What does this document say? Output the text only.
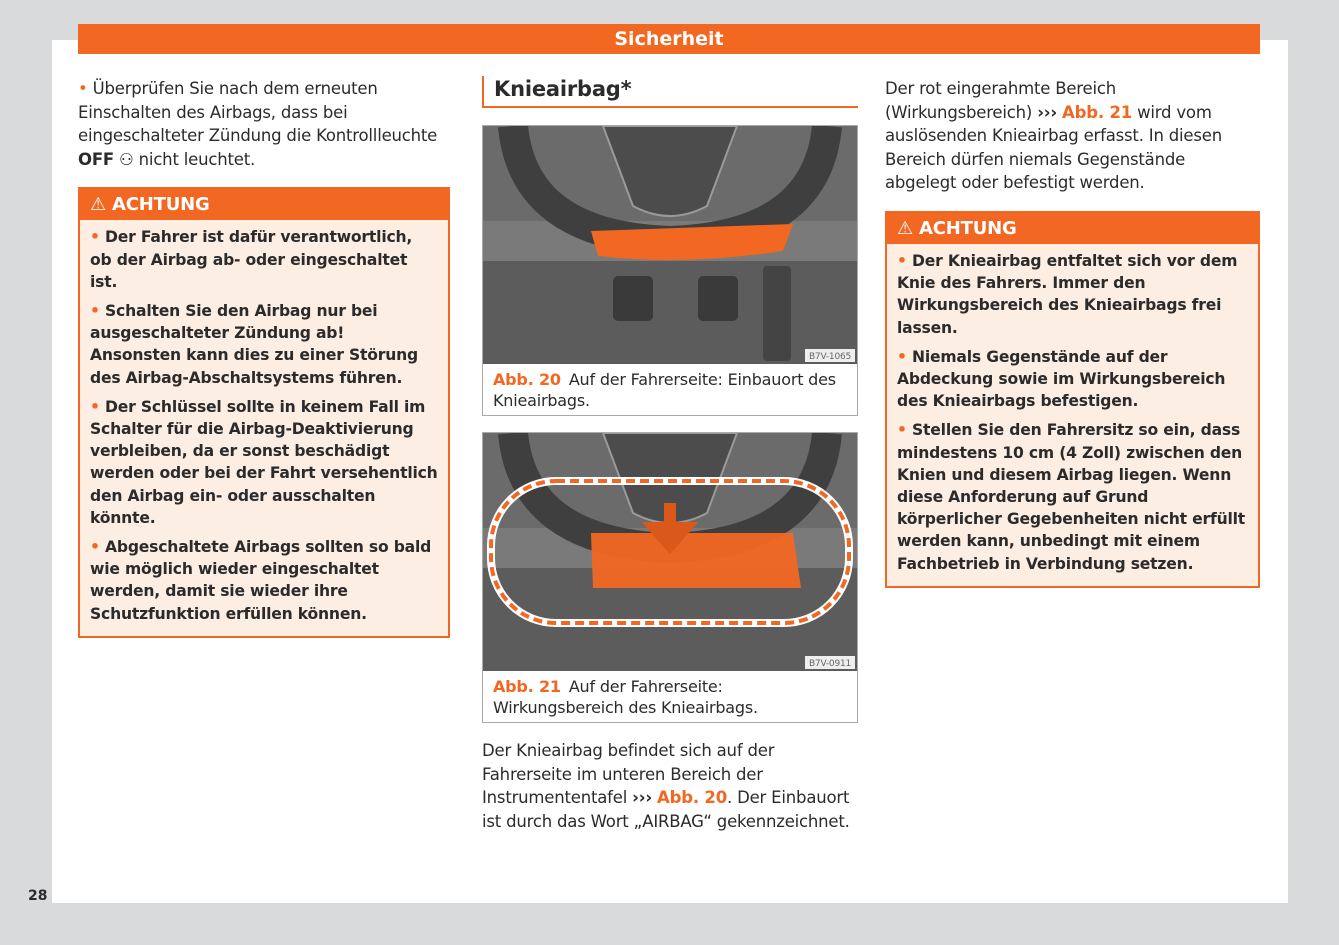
Sicherheit

• Überprüfen Sie nach dem erneuten Einschalten des Airbags, dass bei eingeschalteter Zündung die Kontrollleuchte OFF ⚇ nicht leuchtet.

⚠ ACHTUNG

• Der Fahrer ist dafür verantwortlich, ob der Airbag ab- oder eingeschaltet ist.

• Schalten Sie den Airbag nur bei ausgeschalteter Zündung ab! Ansonsten kann dies zu einer Störung des Airbag-Abschaltsystems führen.

• Der Schlüssel sollte in keinem Fall im Schalter für die Airbag-Deaktivierung verbleiben, da er sonst beschädigt werden oder bei der Fahrt versehentlich den Airbag ein- oder ausschalten könnte.

• Abgeschaltete Airbags sollten so bald wie möglich wieder eingeschaltet werden, damit sie wieder ihre Schutzfunktion erfüllen können.

Knieairbag*
B7V-1065
Abb. 20 Auf der Fahrerseite: Einbauort des Knieairbags.
B7V-0911
Abb. 21 Auf der Fahrerseite: Wirkungsbereich des Knieairbags.

Der Knieairbag befindet sich auf der Fahrerseite im unteren Bereich der Instrumententafel ››› Abb. 20. Der Einbauort ist durch das Wort „AIRBAG“ gekennzeichnet.

Der rot eingerahmte Bereich (Wirkungsbereich) ››› Abb. 21 wird vom auslösenden Knieairbag erfasst. In diesen Bereich dürfen niemals Gegenstände abgelegt oder befestigt werden.

⚠ ACHTUNG

• Der Knieairbag entfaltet sich vor dem Knie des Fahrers. Immer den Wirkungsbereich des Knieairbags frei lassen.

• Niemals Gegenstände auf der Abdeckung sowie im Wirkungsbereich des Knieairbags befestigen.

• Stellen Sie den Fahrersitz so ein, dass mindestens 10 cm (4 Zoll) zwischen den Knien und diesem Airbag liegen. Wenn diese Anforderung auf Grund körperlicher Gegebenheiten nicht erfüllt werden kann, unbedingt mit einem Fachbetrieb in Verbindung setzen.

28
